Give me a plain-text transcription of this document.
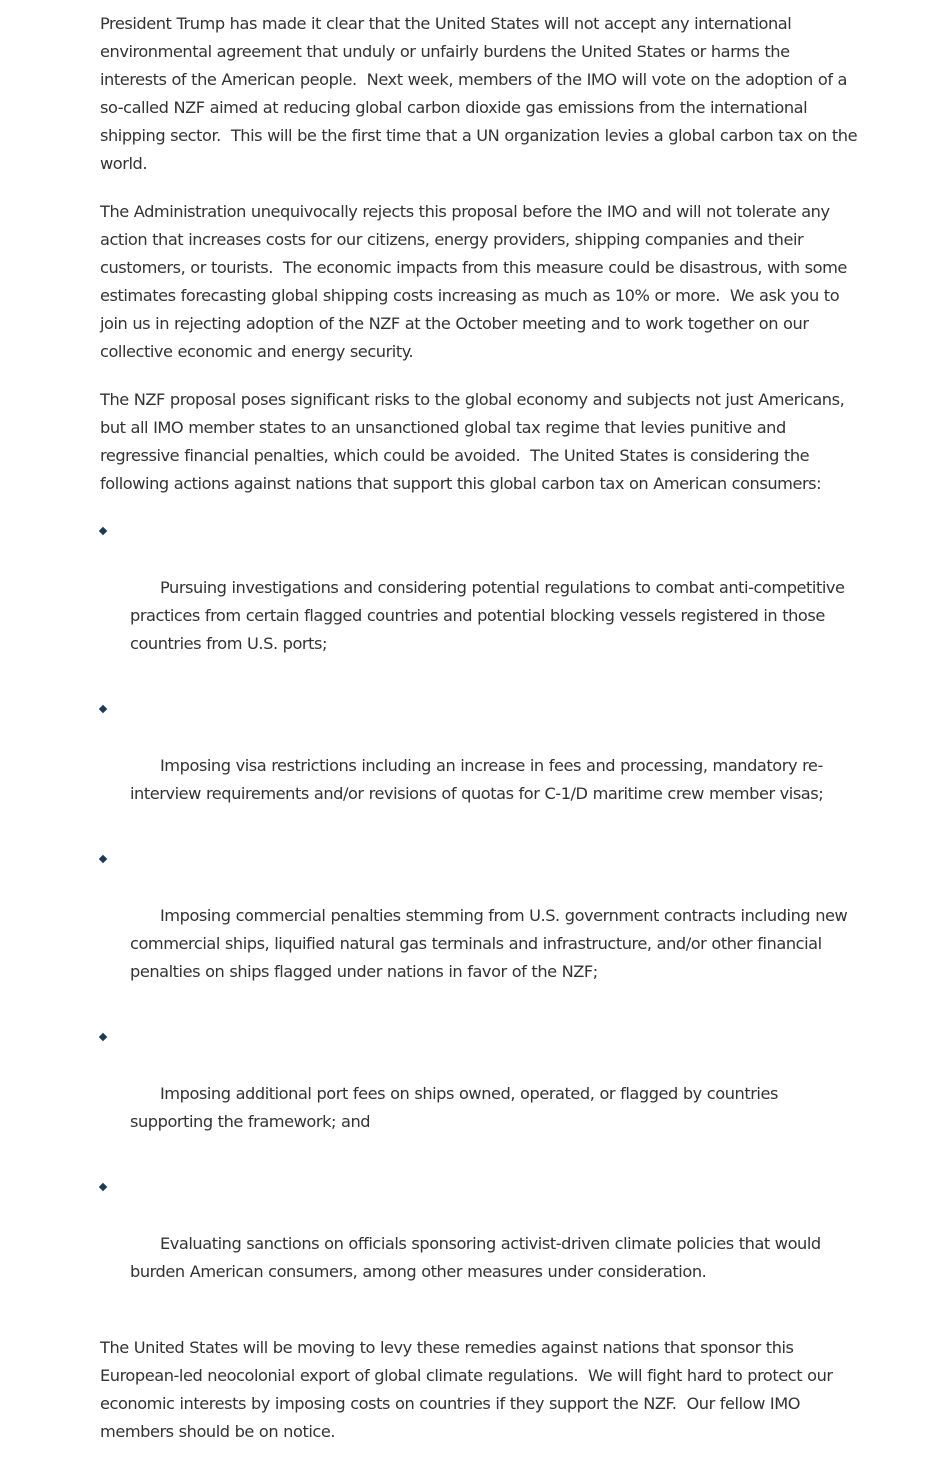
President Trump has made it clear that the United States will not accept any international environmental agreement that unduly or unfairly burdens the United States or harms the interests of the American people.  Next week, members of the IMO will vote on the adoption of a so-called NZF aimed at reducing global carbon dioxide gas emissions from the international shipping sector.  This will be the first time that a UN organization levies a global carbon tax on the world.

The Administration unequivocally rejects this proposal before the IMO and will not tolerate any action that increases costs for our citizens, energy providers, shipping companies and their customers, or tourists.  The economic impacts from this measure could be disastrous, with some estimates forecasting global shipping costs increasing as much as 10% or more.  We ask you to join us in rejecting adoption of the NZF at the October meeting and to work together on our collective economic and energy security.

The NZF proposal poses significant risks to the global economy and subjects not just Americans, but all IMO member states to an unsanctioned global tax regime that levies punitive and regressive financial penalties, which could be avoided.  The United States is considering the following actions against nations that support this global carbon tax on American consumers:

Pursuing investigations and considering potential regulations to combat anti-competitive practices from certain flagged countries and potential blocking vessels registered in those countries from U.S. ports;

Imposing visa restrictions including an increase in fees and processing, mandatory re-interview requirements and/or revisions of quotas for C-1/D maritime crew member visas;

Imposing commercial penalties stemming from U.S. government contracts including new commercial ships, liquified natural gas terminals and infrastructure, and/or other financial penalties on ships flagged under nations in favor of the NZF;

Imposing additional port fees on ships owned, operated, or flagged by countries supporting the framework; and

Evaluating sanctions on officials sponsoring activist-driven climate policies that would burden American consumers, among other measures under consideration.

The United States will be moving to levy these remedies against nations that sponsor this European-led neocolonial export of global climate regulations.  We will fight hard to protect our economic interests by imposing costs on countries if they support the NZF.  Our fellow IMO members should be on notice.
